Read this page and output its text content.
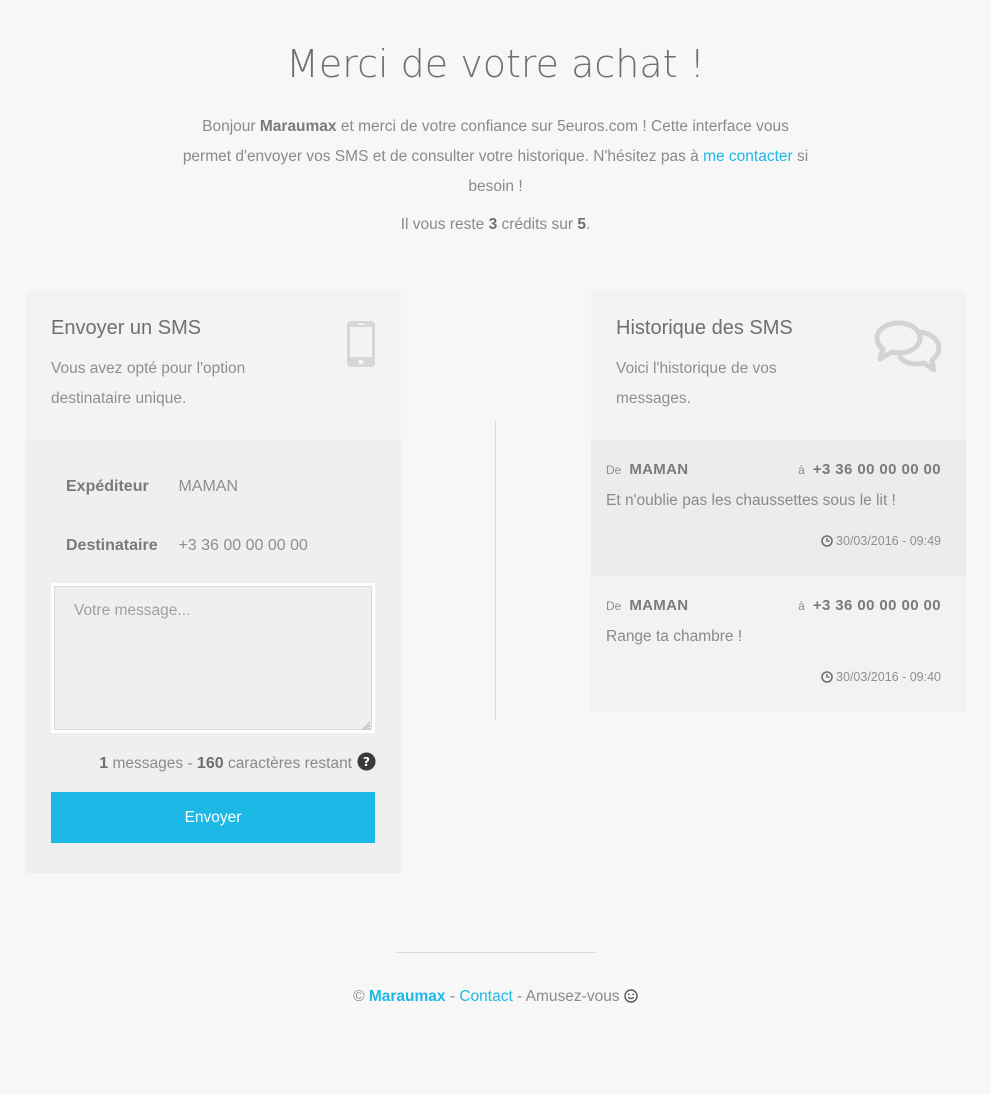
Merci de votre achat !

Bonjour Maraumax et merci de votre confiance sur 5euros.com ! Cette interface vous permet d'envoyer vos SMS et de consulter votre historique. N'hésitez pas à me contacter si besoin !

Il vous reste 3 crédits sur 5.

Envoyer un SMS

Vous avez opté pour l'option destinataire unique.

Expéditeur MAMAN
Destinataire +3 36 00 00 00 00
Votre message...
1
messages -
160
caractères restant ?
Envoyer
Historique des SMS

Voici l'historique de vos messages.

De MAMAN	à +3 36 00 00 00 00
Et n'oublie pas les chaussettes sous le lit !
30/03/2016 - 09:49
De MAMAN	à +3 36 00 00 00 00
Range ta chambre !
30/03/2016 - 09:40

© Maraumax - Contact - Amusez-vous
